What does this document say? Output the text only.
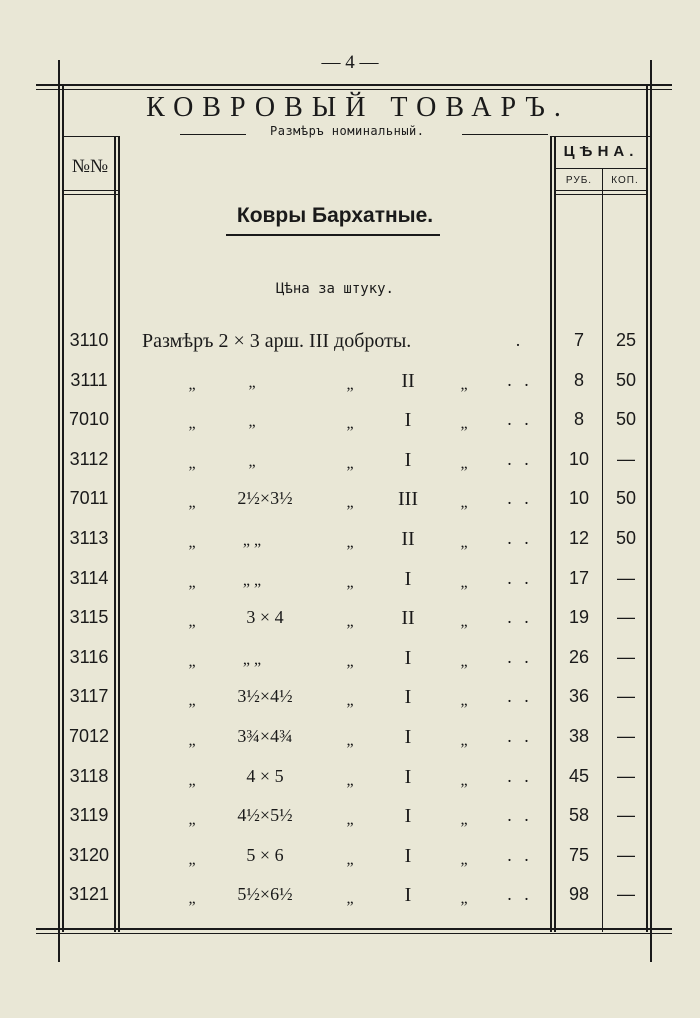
— 4 —
КОВРОВЫЙ ТОВАРЪ.
Размѣръ номинальный.
№№
ЦѢНА.
РУБ.	КОП.
Ковры Бархатные.
Цѣна за штуку.
3110 Размѣръ 2 × 3 арш. III доброты.	.	7	25
3111	„	„	„	II	„	. .	8	50
7010	„	„	„	I	„	. .	8	50
3112	„	„	„	I	„	. .	10	—
7011	„	2½×3½	„	III	„	. .	10	50
3113	„	„ „	„	II	„	. .	12	50
3114	„	„ „	„	I	„	. .	17	—
3115	„	3 × 4	„	II	„	. .	19	—
3116	„	„ „	„	I	„	. .	26	—
3117	„	3½×4½	„	I	„	. .	36	—
7012	„	3¾×4¾	„	I	„	. .	38	—
3118	„	4 × 5	„	I	„	. .	45	—
3119	„	4½×5½	„	I	„	. .	58	—
3120	„	5 × 6	„	I	„	. .	75	—
3121	„	5½×6½	„	I	„	. .	98	—
